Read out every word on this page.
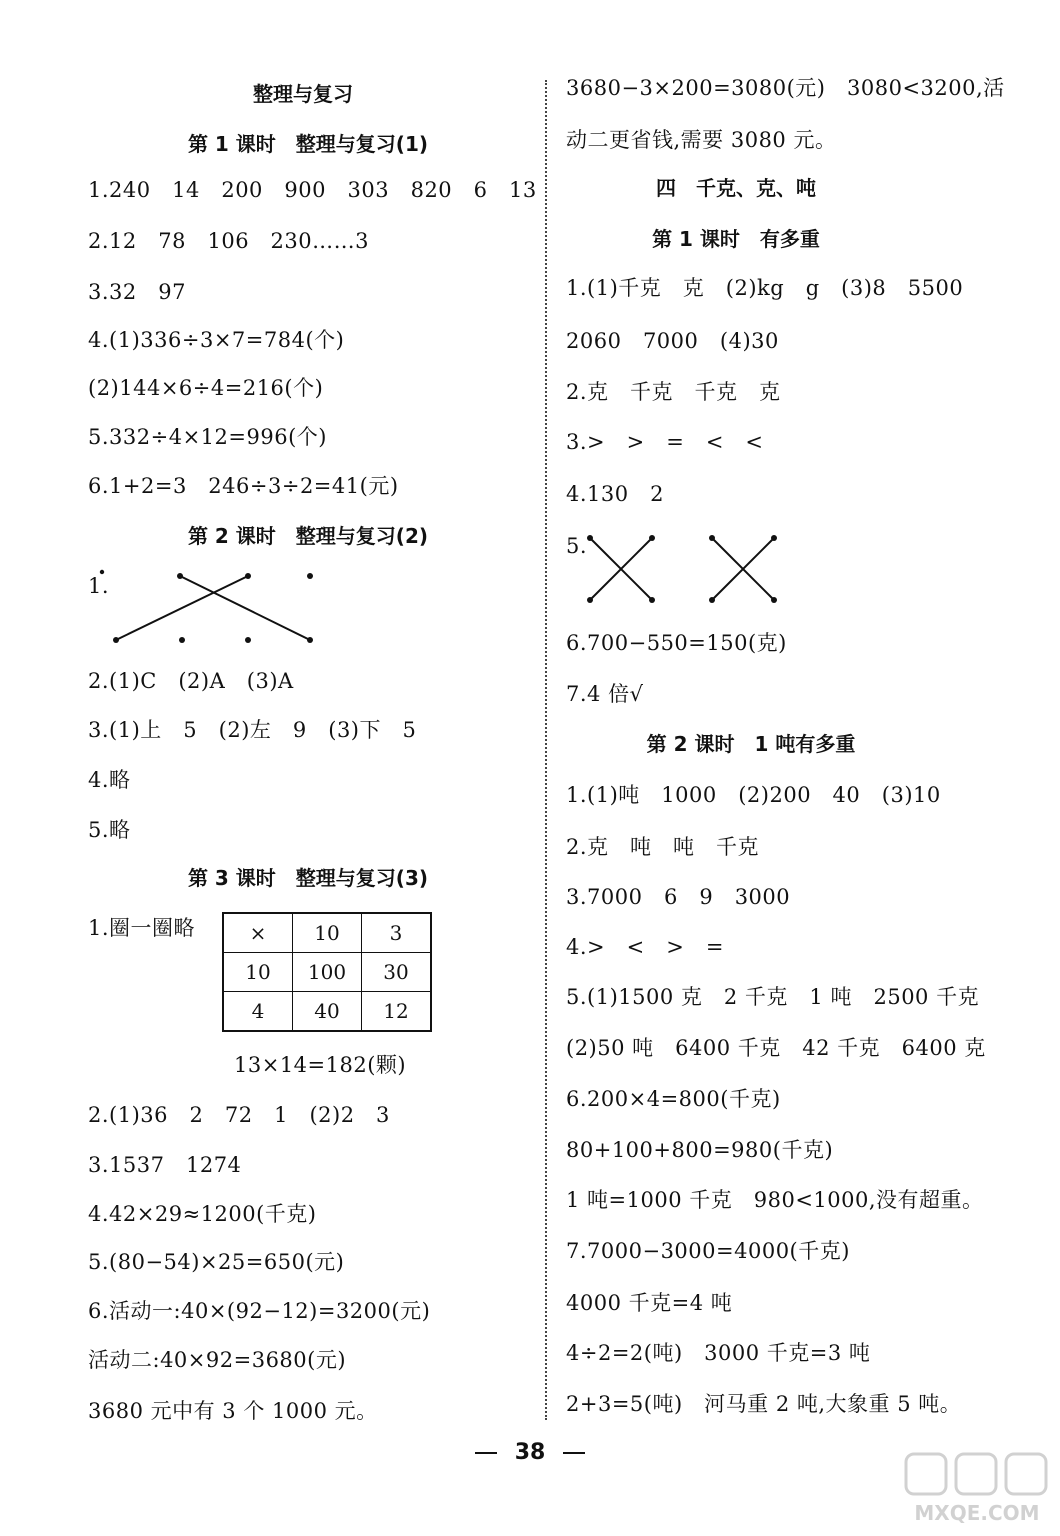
整理与复习
第 1 课时　整理与复习(1)
1.240　14　200　900　303　820　6　13
2.12　78　106　230……3
3.32　97
4.(1)336÷3×7=784(个)
(2)144×6÷4=216(个)
5.332÷4×12=996(个)
6.1+2=3　246÷3÷2=41(元)
第 2 课时　整理与复习(2)
1.
2.(1)C　(2)A　(3)A
3.(1)上　5　(2)左　9　(3)下　5
4.略
5.略
第 3 课时　整理与复习(3)
1.圈一圈略
13×14=182(颗)
2.(1)36　2　72　1　(2)2　3
3.1537　1274
4.42×29≈1200(千克)
5.(80−54)×25=650(元)
6.活动一:40×(92−12)=3200(元)
活动二:40×92=3680(元)
3680 元中有 3 个 1000 元。
×	10	3
10	100	30
4	40	12
3680−3×200=3080(元)　3080<3200,活
动二更省钱,需要 3080 元。
四　千克、克、吨
第 1 课时　有多重
1.(1)千克　克　(2)kg　g　(3)8　5500
2060　7000　(4)30
2.克　千克　千克　克
3.>　>　=　<　<
4.130　2
5.
6.700−550=150(克)
7.4 倍√
第 2 课时　1 吨有多重
1.(1)吨　1000　(2)200　40　(3)10
2.克　吨　吨　千克
3.7000　6　9　3000
4.>　<　>　=
5.(1)1500 克　2 千克　1 吨　2500 千克
(2)50 吨　6400 千克　42 千克　6400 克
6.200×4=800(千克)
80+100+800=980(千克)
1 吨=1000 千克　980<1000,没有超重。
7.7000−3000=4000(千克)
4000 千克=4 吨
4÷2=2(吨)　3000 千克=3 吨
2+3=5(吨)　河马重 2 吨,大象重 5 吨。
38
MXQE.COM
